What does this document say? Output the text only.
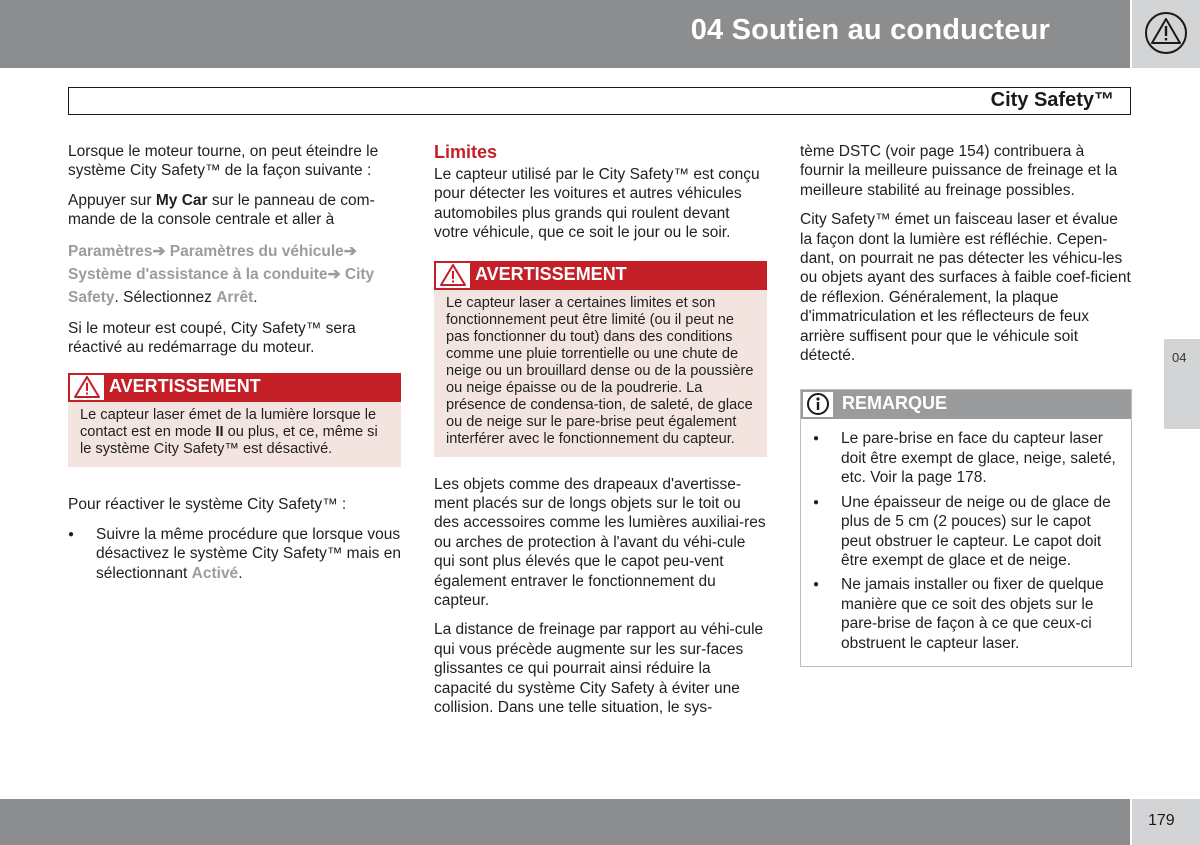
04 Soutien au conducteur
City Safety™

Lorsque le moteur tourne, on peut éteindre le système City Safety™ de la façon suivante :

Appuyer sur My Car sur le panneau de com-mande de la console centrale et aller à

Paramètres➔ Paramètres du véhicule➔ Système d'assistance à la conduite➔ City Safety. Sélectionnez Arrêt.

Si le moteur est coupé, City Safety™ sera réactivé au redémarrage du moteur.

AVERTISSEMENT
Le capteur laser émet de la lumière lorsque le contact est en mode II ou plus, et ce, même si le système City Safety™ est désactivé.

Pour réactiver le système City Safety™ :

● Suivre la même procédure que lorsque vous désactivez le système City Safety™ mais en sélectionnant Activé.
Limites

Le capteur utilisé par le City Safety™ est conçu pour détecter les voitures et autres véhicules automobiles plus grands qui roulent devant votre véhicule, que ce soit le jour ou le soir.

AVERTISSEMENT
Le capteur laser a certaines limites et son fonctionnement peut être limité (ou il peut ne pas fonctionner du tout) dans des conditions comme une pluie torrentielle ou une chute de neige ou un brouillard dense ou de la poussière ou neige épaisse ou de la poudrerie. La présence de condensa-tion, de saleté, de glace ou de neige sur le pare-brise peut également interférer avec le fonctionnement du capteur.

Les objets comme des drapeaux d'avertisse-ment placés sur de longs objets sur le toit ou des accessoires comme les lumières auxiliai-res ou arches de protection à l'avant du véhi-cule qui sont plus élevés que le capot peu-vent également entraver le fonctionnement du capteur.

La distance de freinage par rapport au véhi-cule qui vous précède augmente sur les sur-faces glissantes ce qui pourrait ainsi réduire la capacité du système City Safety à éviter une collision. Dans une telle situation, le sys-

tème DSTC (voir page 154) contribuera à fournir la meilleure puissance de freinage et la meilleure stabilité au freinage possibles.

City Safety™ émet un faisceau laser et évalue la façon dont la lumière est réfléchie. Cepen-dant, on pourrait ne pas détecter les véhicu-les ou objets ayant des surfaces à faible coef-ficient de réflexion. Généralement, la plaque d'immatriculation et les réflecteurs de feux arrière suffisent pour que le véhicule soit détecté.

REMARQUE
● Le pare-brise en face du capteur laser doit être exempt de glace, neige, saleté, etc. Voir la page 178.
● Une épaisseur de neige ou de glace de plus de 5 cm (2 pouces) sur le capot peut obstruer le capteur. Le capot doit être exempt de glace et de neige.
● Ne jamais installer ou fixer de quelque manière que ce soit des objets sur le pare-brise de façon à ce que ceux-ci obstruent le capteur laser.
04
179
